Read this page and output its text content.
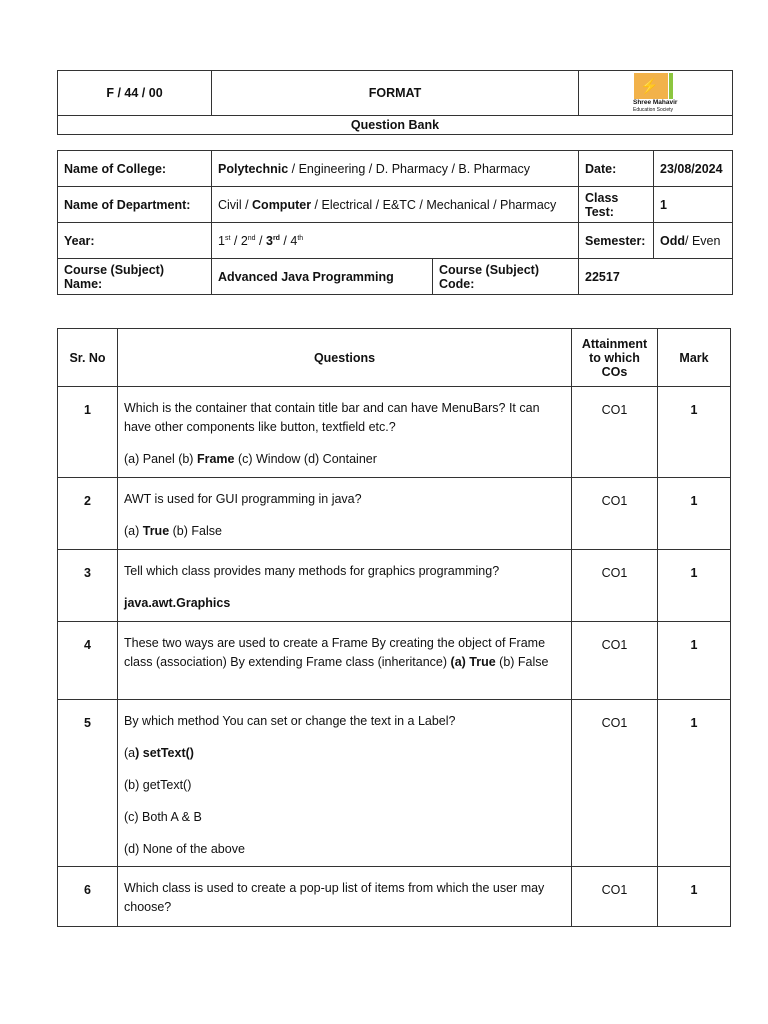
F / 44 / 00	FORMAT	⚡
Shree Mahavir
Education Society

Question Bank
Name of College:	Polytechnic / Engineering / D. Pharmacy / B. Pharmacy		Date:	23/08/2024
Name of Department:	Civil / Computer / Electrical / E&TC / Mechanical / Pharmacy		Class Test:	1
Year:	1st / 2nd / 3rd / 4th		Semester:	Odd/ Even
Course (Subject) Name:	Advanced Java Programming	Course (Subject) Code:	22517	
Sr. No	Questions	Attainment to which COs	Mark
1	Which is the container that contain title bar and can have MenuBars? It can have other components like button, textfield etc.?

(a) Panel (b) Frame (c) Window (d) Container	CO1	1
2	AWT is used for GUI programming in java?

(a) True (b) False	CO1	1
3	Tell which class provides many methods for graphics programming?

java.awt.Graphics	CO1	1
4	These two ways are used to create a Frame By creating the object of Frame class (association) By extending Frame class (inheritance) (a) True (b) False	CO1	1
5	By which method You can set or change the text in a Label?

(a) setText()

(b) getText()

(c) Both A & B

(d) None of the above	CO1	1
6	Which class is used to create a pop-up list of items from which the user may choose?	CO1	1
